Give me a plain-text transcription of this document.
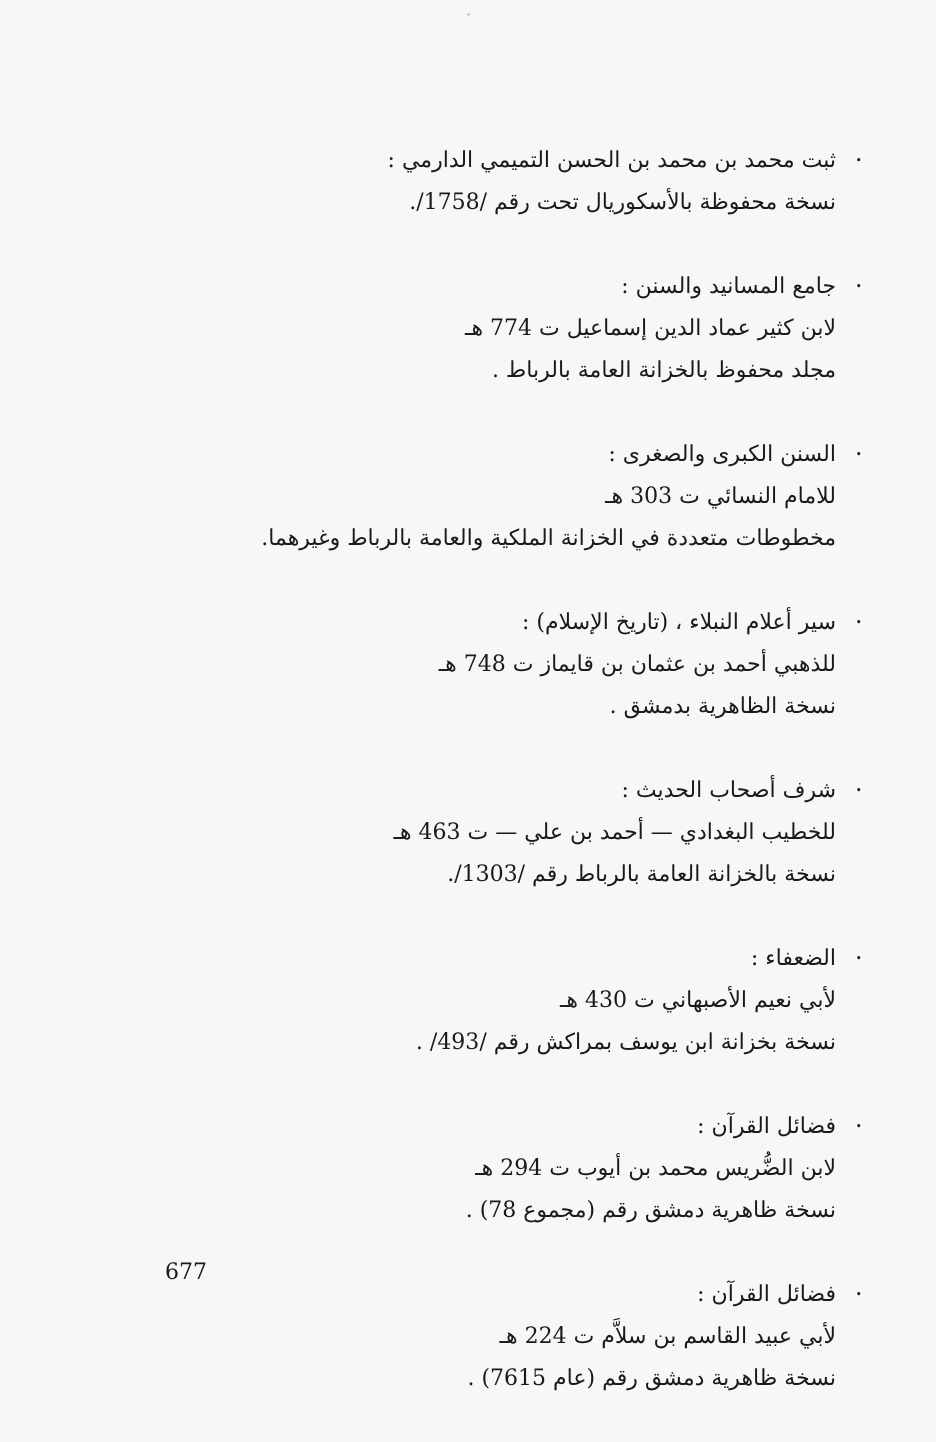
ˇ
•
ثبت محمد بن محمد بن الحسن التميمي الدارمي :
نسخة محفوظة بالأسكوريال تحت رقم /1758/.
•
جامع المسانيد والسنن :
لابن كثير عماد الدين إسماعيل ت 774 هـ
مجلد محفوظ بالخزانة العامة بالرباط .
•
السنن الكبرى والصغرى :
للامام النسائي ت 303 هـ
مخطوطات متعددة في الخزانة الملكية والعامة بالرباط وغيرهما.
•
سير أعلام النبلاء ، (تاريخ الإسلام) :
للذهبي أحمد بن عثمان بن قايماز ت 748 هـ
نسخة الظاهرية بدمشق .
•
شرف أصحاب الحديث :
للخطيب البغدادي — أحمد بن علي — ت 463 هـ
نسخة بالخزانة العامة بالرباط رقم /1303/.
•
الضعفاء :
لأبي نعيم الأصبهاني ت 430 هـ
نسخة بخزانة ابن يوسف بمراكش رقم /493/ .
•
فضائل القرآن :
لابن الضُّريس محمد بن أيوب ت 294 هـ
نسخة ظاهرية دمشق رقم (مجموع 78) .
•
فضائل القرآن :
لأبي عبيد القاسم بن سلاَّم ت 224 هـ
نسخة ظاهرية دمشق رقم (عام 7615) .
677
